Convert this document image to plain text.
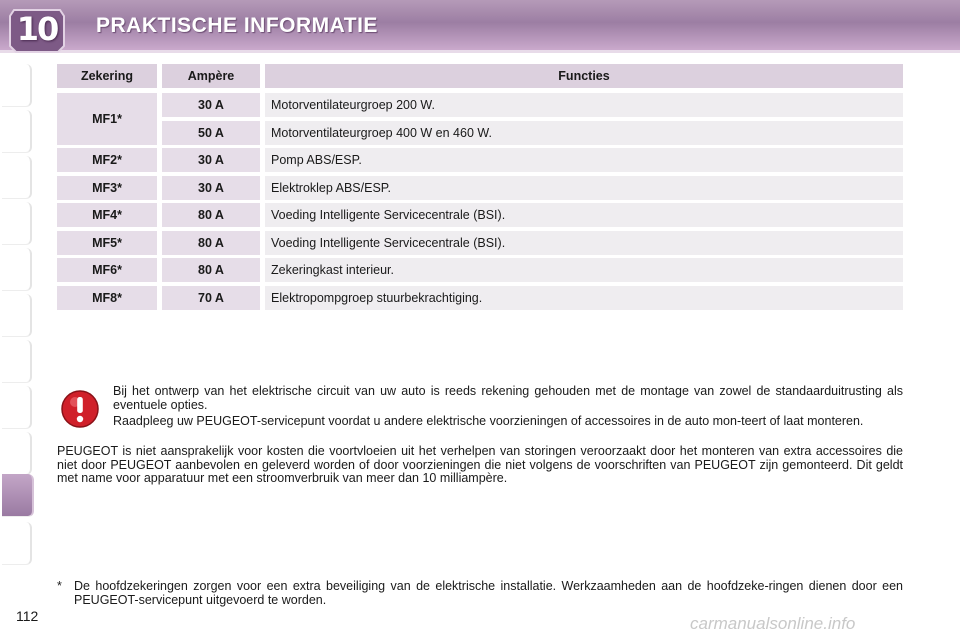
10	PRAKTISCHE INFORMATIE
Zekering	Ampère	Functies
MF1*
30 A	Motorventilateurgroep 200 W.
50 A	Motorventilateurgroep 400 W en 460 W.
MF2*	30 A	Pomp ABS/ESP.
MF3*	30 A	Elektroklep ABS/ESP.
MF4*	80 A	Voeding Intelligente Servicecentrale (BSI).
MF5*	80 A	Voeding Intelligente Servicecentrale (BSI).
MF6*	80 A	Zekeringkast interieur.
MF8*	70 A	Elektropompgroep stuurbekrachtiging.

Bij het ontwerp van het elektrische circuit van uw auto is reeds rekening gehouden met de montage van zowel de standaarduitrusting als eventuele opties.

Raadpleeg uw PEUGEOT-servicepunt voordat u andere elektrische voorzieningen of accessoires in de auto mon-teert of laat monteren.

PEUGEOT is niet aansprakelijk voor kosten die voortvloeien uit het verhelpen van storingen veroorzaakt door het monteren van extra accessoires die niet door PEUGEOT aanbevolen en geleverd worden of door voorzieningen die niet volgens de voorschriften van PEUGEOT zijn gemonteerd. Dit geldt met name voor apparatuur met een stroomverbruik van meer dan 10 milliampère.
* De hoofdzekeringen zorgen voor een extra beveiliging van de elektrische installatie. Werkzaamheden aan de hoofdzeke-ringen dienen door een PEUGEOT-servicepunt uitgevoerd te worden.
112	carmanualsonline.info
